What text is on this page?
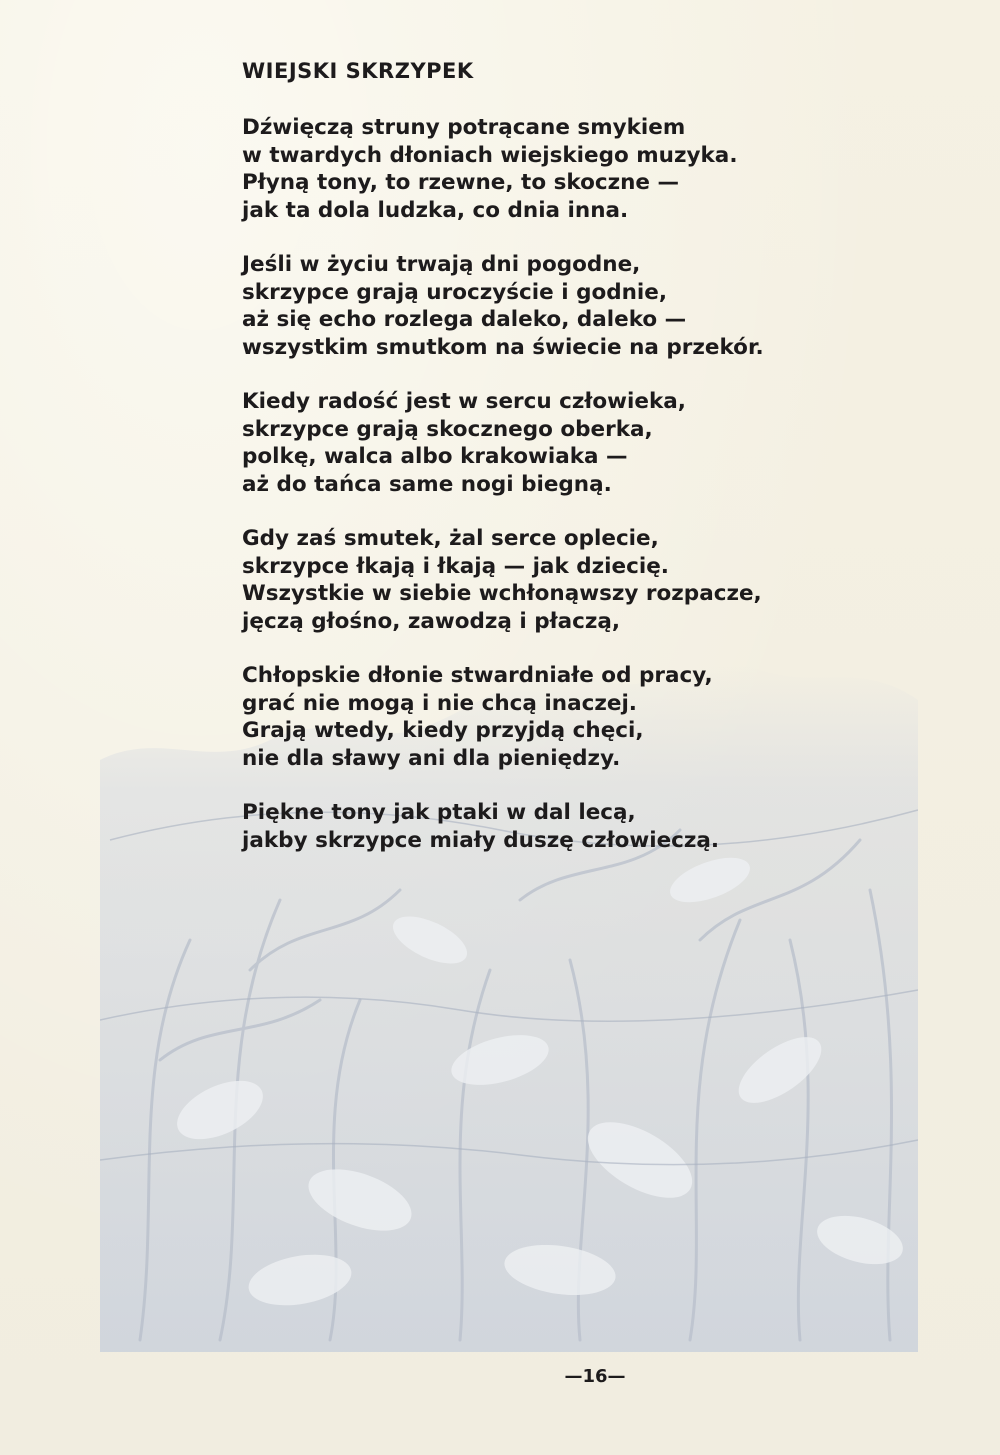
WIEJSKI SKRZYPEK
Dźwięczą struny potrącane smykiem
w twardych dłoniach wiejskiego muzyka.
Płyną tony, to rzewne, to skoczne —
jak ta dola ludzka, co dnia inna.
Jeśli w życiu trwają dni pogodne,
skrzypce grają uroczyście i godnie,
aż się echo rozlega daleko, daleko —
wszystkim smutkom na świecie na przekór.
Kiedy radość jest w sercu człowieka,
skrzypce grają skocznego oberka,
polkę, walca albo krakowiaka —
aż do tańca same nogi biegną.
Gdy zaś smutek, żal serce oplecie,
skrzypce łkają i łkają — jak dziecię.
Wszystkie w siebie wchłonąwszy rozpacze,
jęczą głośno, zawodzą i płaczą,
Chłopskie dłonie stwardniałe od pracy,
grać nie mogą i nie chcą inaczej.
Grają wtedy, kiedy przyjdą chęci,
nie dla sławy ani dla pieniędzy.
Piękne tony jak ptaki w dal lecą,
jakby skrzypce miały duszę człowieczą.
—16—
